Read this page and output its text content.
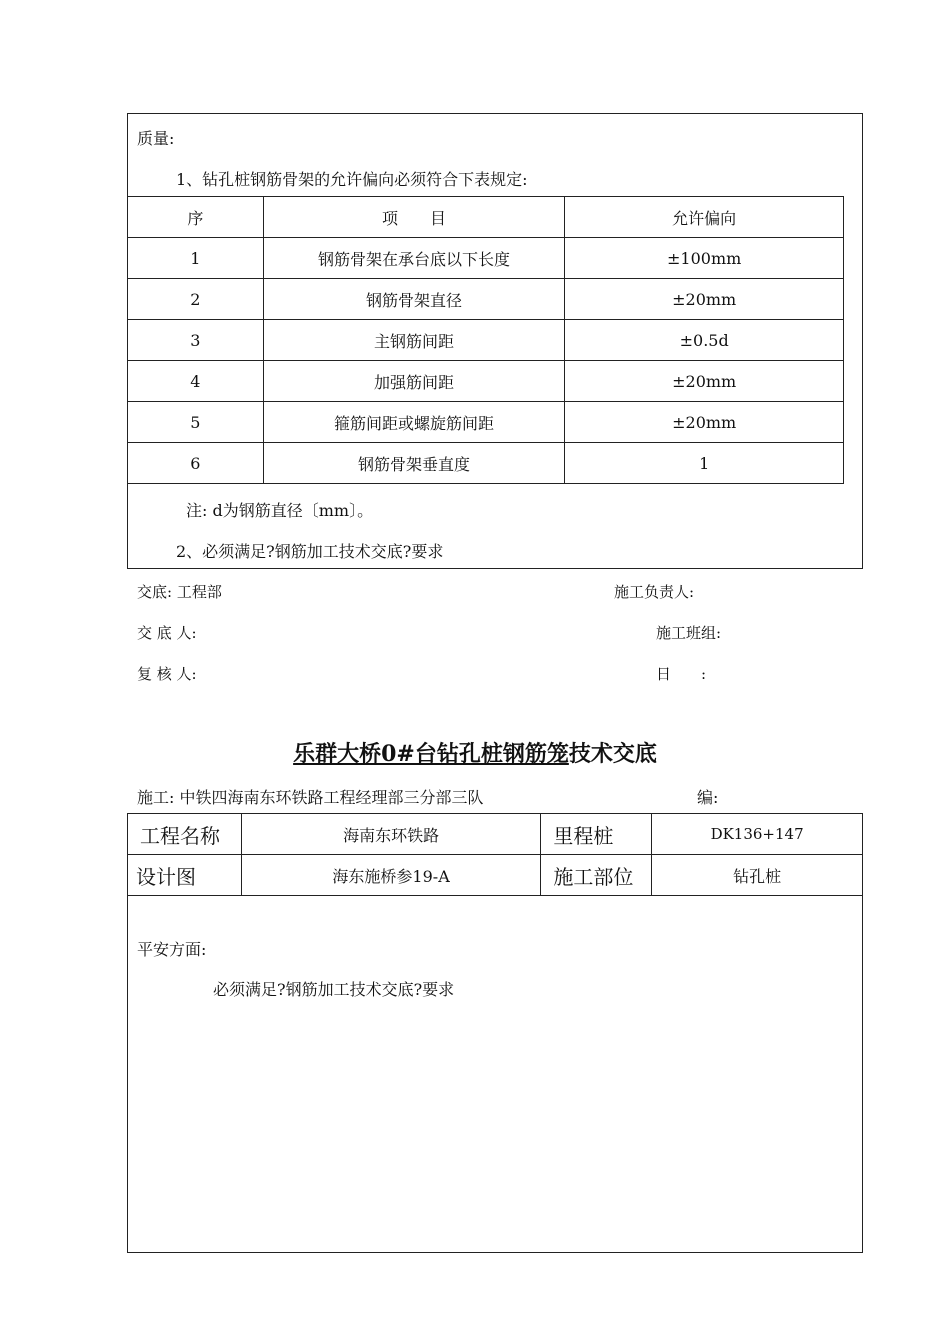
质量:
1、钻孔桩钢筋骨架的允许偏向必须符合下表规定:
序	项　　目	允许偏向
1	钢筋骨架在承台底以下长度	±100mm
2	钢筋骨架直径	±20mm
3	主钢筋间距	±0.5d
4	加强筋间距	±20mm
5	箍筋间距或螺旋筋间距	±20mm
6	钢筋骨架垂直度	1
注: d为钢筋直径〔mm〕。
2、必须满足?钢筋加工技术交底?要求
交底: 工程部	施工负责人:
交 底 人:	施工班组:
复 核 人:	日　　:
乐群大桥0#台钻孔桩钢筋笼技术交底
施工: 中铁四海南东环铁路工程经理部三分部三队	编:
工程名称	海南东环铁路	里程桩	DK136+147
设计图	海东施桥参19-A	施工部位	钻孔桩
平安方面:
必须满足?钢筋加工技术交底?要求
